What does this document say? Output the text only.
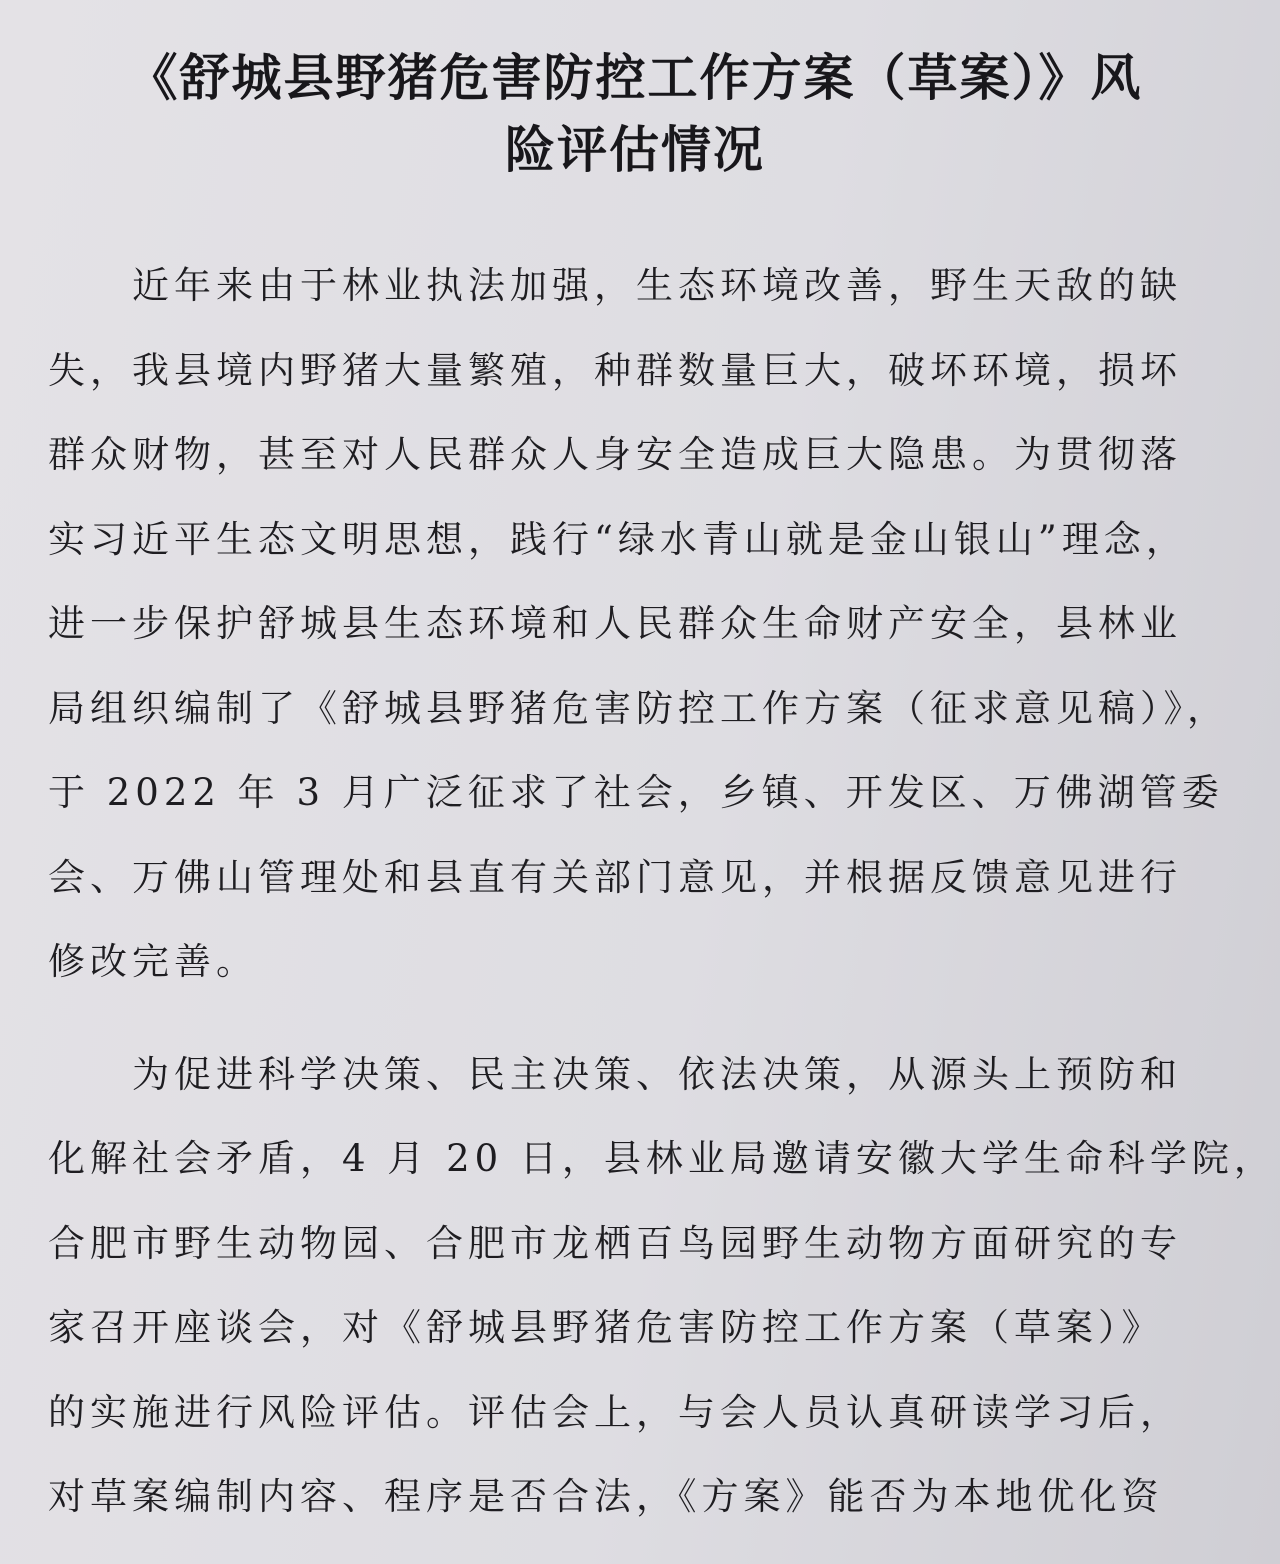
《舒城县野猪危害防控工作方案（草案）》风
险评估情况

　　近年来由于林业执法加强，生态环境改善，野生天敌的缺
失，我县境内野猪大量繁殖，种群数量巨大，破坏环境，损坏
群众财物，甚至对人民群众人身安全造成巨大隐患。为贯彻落
实习近平生态文明思想，践行“绿水青山就是金山银山”理念，
进一步保护舒城县生态环境和人民群众生命财产安全，县林业
局组织编制了《舒城县野猪危害防控工作方案（征求意见稿）》，
于 2022 年 3 月广泛征求了社会，乡镇、开发区、万佛湖管委
会、万佛山管理处和县直有关部门意见，并根据反馈意见进行
修改完善。

　　为促进科学决策、民主决策、依法决策，从源头上预防和
化解社会矛盾，4 月 20 日，县林业局邀请安徽大学生命科学院，
合肥市野生动物园、合肥市龙栖百鸟园野生动物方面研究的专
家召开座谈会，对《舒城县野猪危害防控工作方案（草案）》
的实施进行风险评估。评估会上，与会人员认真研读学习后，
对草案编制内容、程序是否合法，《方案》能否为本地优化资
